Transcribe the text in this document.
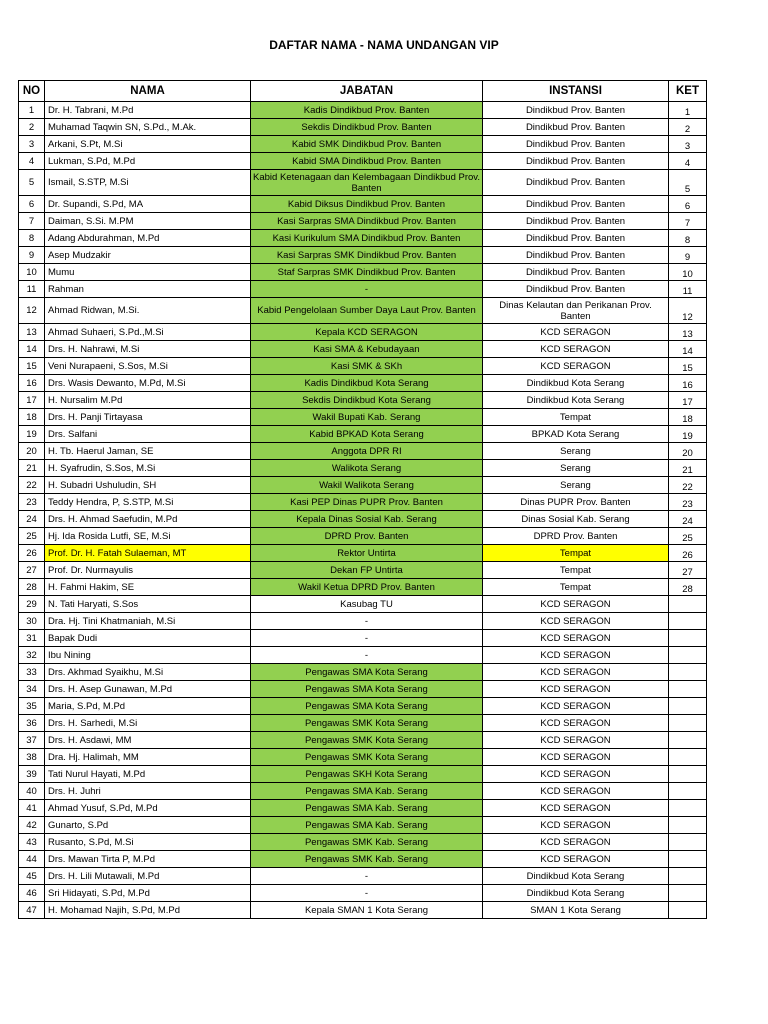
DAFTAR NAMA - NAMA UNDANGAN VIP
NO	NAMA	JABATAN	INSTANSI	KET
1	Dr. H. Tabrani, M.Pd	Kadis Dindikbud Prov. Banten	Dindikbud Prov. Banten	1
2	Muhamad Taqwin SN, S.Pd., M.Ak.	Sekdis Dindikbud Prov. Banten	Dindikbud Prov. Banten	2
3	Arkani, S.Pt, M.Si	Kabid SMK Dindikbud Prov. Banten	Dindikbud Prov. Banten	3
4	Lukman, S.Pd, M.Pd	Kabid SMA Dindikbud Prov. Banten	Dindikbud Prov. Banten	4
5	Ismail, S.STP, M.Si	Kabid Ketenagaan dan Kelembagaan Dindikbud Prov. Banten	Dindikbud Prov. Banten	5
6	Dr. Supandi, S.Pd, MA	Kabid Diksus Dindikbud Prov. Banten	Dindikbud Prov. Banten	6
7	Daiman, S.Si. M.PM	Kasi Sarpras SMA Dindikbud Prov. Banten	Dindikbud Prov. Banten	7
8	Adang Abdurahman, M.Pd	Kasi Kurikulum SMA Dindikbud Prov. Banten	Dindikbud Prov. Banten	8
9	Asep Mudzakir	Kasi Sarpras SMK Dindikbud Prov. Banten	Dindikbud Prov. Banten	9
10	Mumu	Staf Sarpras SMK Dindikbud Prov. Banten	Dindikbud Prov. Banten	10
11	Rahman	-	Dindikbud Prov. Banten	11
12	Ahmad Ridwan, M.Si.	Kabid Pengelolaan Sumber Daya Laut Prov. Banten	Dinas Kelautan dan Perikanan Prov. Banten	12
13	Ahmad Suhaeri, S.Pd.,M.Si	Kepala KCD SERAGON	KCD SERAGON	13
14	Drs. H. Nahrawi, M.Si	Kasi SMA & Kebudayaan	KCD SERAGON	14
15	Veni Nurapaeni, S.Sos, M.Si	Kasi SMK & SKh	KCD SERAGON	15
16	Drs. Wasis Dewanto, M.Pd, M.Si	Kadis Dindikbud Kota Serang	Dindikbud Kota Serang	16
17	H. Nursalim M.Pd	Sekdis Dindikbud Kota Serang	Dindikbud Kota Serang	17
18	Drs. H. Panji Tirtayasa	Wakil Bupati Kab. Serang	Tempat	18
19	Drs. Salfani	Kabid BPKAD Kota Serang	BPKAD Kota Serang	19
20	H. Tb. Haerul Jaman, SE	Anggota DPR RI	Serang	20
21	H. Syafrudin, S.Sos, M.Si	Walikota Serang	Serang	21
22	H. Subadri Ushuludin, SH	Wakil Walikota Serang	Serang	22
23	Teddy Hendra, P, S.STP, M.Si	Kasi PEP Dinas PUPR Prov. Banten	Dinas PUPR Prov. Banten	23
24	Drs. H. Ahmad Saefudin, M.Pd	Kepala Dinas Sosial Kab. Serang	Dinas Sosial Kab. Serang	24
25	Hj. Ida Rosida Lutfi, SE, M.Si	DPRD Prov. Banten	DPRD Prov. Banten	25
26	Prof. Dr. H. Fatah Sulaeman, MT	Rektor Untirta	Tempat	26
27	Prof. Dr. Nurmayulis	Dekan FP Untirta	Tempat	27
28	H. Fahmi Hakim, SE	Wakil Ketua DPRD Prov. Banten	Tempat	28
29	N. Tati Haryati, S.Sos	Kasubag TU	KCD SERAGON	
30	Dra. Hj. Tini Khatmaniah, M.Si	-	KCD SERAGON	
31	Bapak Dudi	-	KCD SERAGON	
32	Ibu Nining	-	KCD SERAGON	
33	Drs. Akhmad Syaikhu, M.Si	Pengawas SMA Kota Serang	KCD SERAGON	
34	Drs. H. Asep Gunawan, M.Pd	Pengawas SMA Kota Serang	KCD SERAGON	
35	Maria, S.Pd, M.Pd	Pengawas SMA Kota Serang	KCD SERAGON	
36	Drs. H. Sarhedi, M.Si	Pengawas SMK Kota Serang	KCD SERAGON	
37	Drs. H. Asdawi, MM	Pengawas SMK Kota Serang	KCD SERAGON	
38	Dra. Hj. Halimah, MM	Pengawas SMK Kota Serang	KCD SERAGON	
39	Tati Nurul Hayati, M.Pd	Pengawas SKH Kota Serang	KCD SERAGON	
40	Drs. H. Juhri	Pengawas SMA Kab. Serang	KCD SERAGON	
41	Ahmad Yusuf, S.Pd, M.Pd	Pengawas SMA Kab. Serang	KCD SERAGON	
42	Gunarto, S.Pd	Pengawas SMA Kab. Serang	KCD SERAGON	
43	Rusanto, S.Pd, M.Si	Pengawas SMK Kab. Serang	KCD SERAGON	
44	Drs. Mawan Tirta P, M.Pd	Pengawas SMK Kab. Serang	KCD SERAGON	
45	Drs. H. Lili Mutawali, M.Pd	-	Dindikbud Kota Serang	
46	Sri Hidayati, S.Pd, M.Pd	-	Dindikbud Kota Serang	
47	H. Mohamad Najih, S.Pd, M.Pd	Kepala SMAN 1 Kota Serang	SMAN 1 Kota Serang	
